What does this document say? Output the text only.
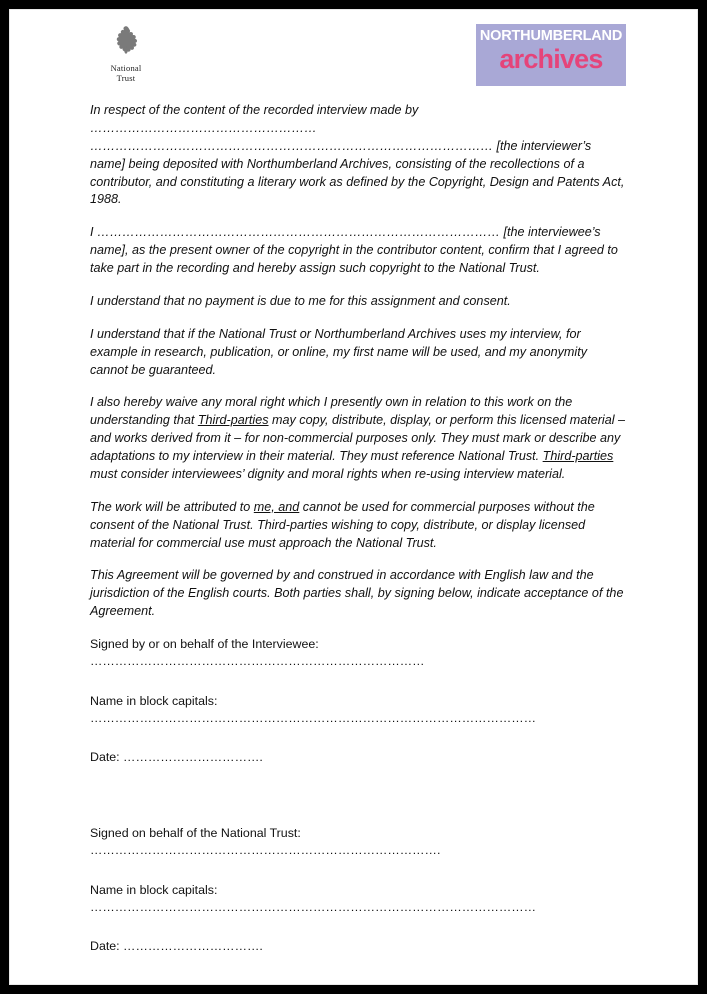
National
Trust
NORTHUMBERLAND
archives

In respect of the content of the recorded interview made by ……………………………………………… …………………………………………………………………………………… [the interviewer’s name] being deposited with Northumberland Archives, consisting of the recollections of a contributor, and constituting a literary work as defined by the Copyright, Design and Patents Act, 1988.

I …………………………………………………………………………………… [the interviewee’s name], as the present owner of the copyright in the contributor content, confirm that I agreed to take part in the recording and hereby assign such copyright to the National Trust.

I understand that no payment is due to me for this assignment and consent.

I understand that if the National Trust or Northumberland Archives uses my interview, for example in research, publication, or online, my first name will be used, and my anonymity cannot be guaranteed.

I also hereby waive any moral right which I presently own in relation to this work on the understanding that Third-parties may copy, distribute, display, or perform this licensed material – and works derived from it – for non-commercial purposes only. They must mark or describe any adaptations to my interview in their material. They must reference National Trust. Third-parties must consider interviewees’ dignity and moral rights when re-using interview material.

The work will be attributed to me, and cannot be used for commercial purposes without the consent of the National Trust. Third-parties wishing to copy, distribute, or display licensed material for commercial use must approach the National Trust.

This Agreement will be governed by and construed in accordance with English law and the jurisdiction of the English courts. Both parties shall, by signing below, indicate acceptance of the Agreement.

Signed by or on behalf of the Interviewee: ………………………………………………………………………

Name in block capitals: ………………………………………………………………………………………………

Date: …………………………….

Signed on behalf of the National Trust: ………………………………………………………………………….

Name in block capitals: ………………………………………………………………………………………………

Date: …………………………….
